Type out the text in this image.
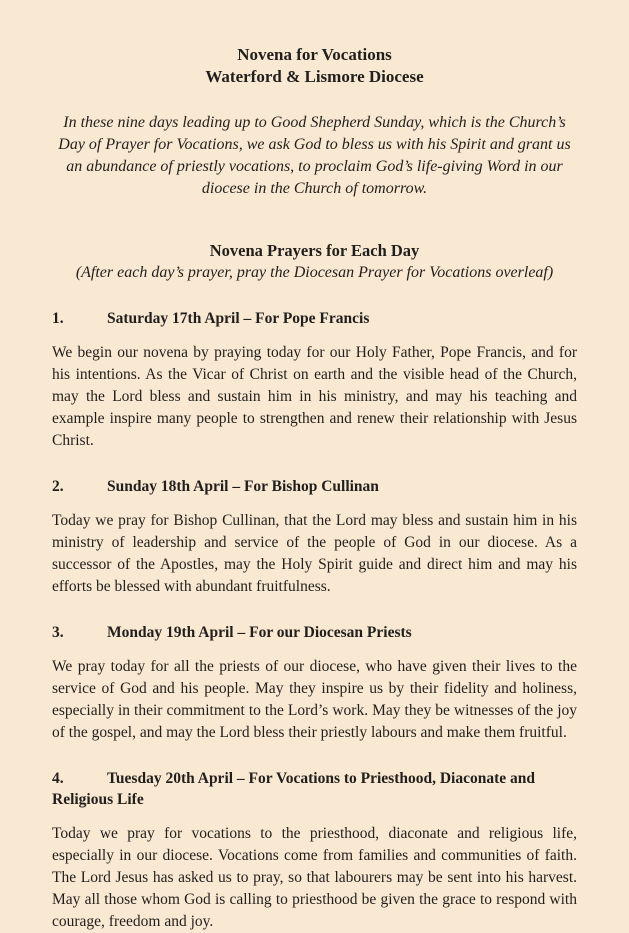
Novena for Vocations
Waterford & Lismore Diocese
In these nine days leading up to Good Shepherd Sunday, which is the Church’s Day of Prayer for Vocations, we ask God to bless us with his Spirit and grant us an abundance of priestly vocations, to proclaim God’s life-giving Word in our diocese in the Church of tomorrow.
Novena Prayers for Each Day
(After each day’s prayer, pray the Diocesan Prayer for Vocations overleaf)
1.	Saturday 17th April – For Pope Francis

We begin our novena by praying today for our Holy Father, Pope Francis, and for his intentions. As the Vicar of Christ on earth and the visible head of the Church, may the Lord bless and sustain him in his ministry, and may his teaching and example inspire many people to strengthen and renew their relationship with Jesus Christ.

2.	Sunday 18th April – For Bishop Cullinan

Today we pray for Bishop Cullinan, that the Lord may bless and sustain him in his ministry of leadership and service of the people of God in our diocese. As a successor of the Apostles, may the Holy Spirit guide and direct him and may his efforts be blessed with abundant fruitfulness.

3.	Monday 19th April – For our Diocesan Priests

We pray today for all the priests of our diocese, who have given their lives to the service of God and his people. May they inspire us by their fidelity and holiness, especially in their commitment to the Lord’s work. May they be witnesses of the joy of the gospel, and may the Lord bless their priestly labours and make them fruitful.

4.	Tuesday 20th April – For Vocations to Priesthood, Diaconate and Religious Life

Today we pray for vocations to the priesthood, diaconate and religious life, especially in our diocese. Vocations come from families and communities of faith. The Lord Jesus has asked us to pray, so that labourers may be sent into his harvest. May all those whom God is calling to priesthood be given the grace to respond with courage, freedom and joy.
